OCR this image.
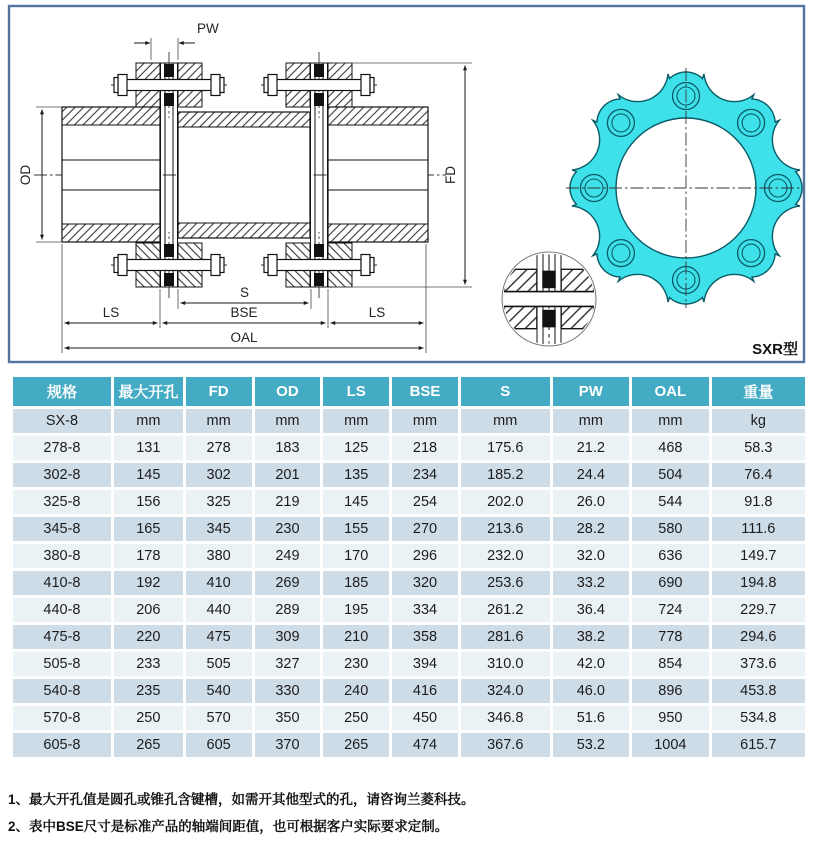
PW
OD	FD
S
LS	BSE	LS
OAL
SXR型
规格	最大开孔	FD	OD	LS	BSE	S	PW	OAL	重量
SX-8	mm	mm	mm	mm	mm	mm	mm	mm	kg
278-8	131	278	183	125	218	175.6	21.2	468	58.3
302-8	145	302	201	135	234	185.2	24.4	504	76.4
325-8	156	325	219	145	254	202.0	26.0	544	91.8
345-8	165	345	230	155	270	213.6	28.2	580	111.6
380-8	178	380	249	170	296	232.0	32.0	636	149.7
410-8	192	410	269	185	320	253.6	33.2	690	194.8
440-8	206	440	289	195	334	261.2	36.4	724	229.7
475-8	220	475	309	210	358	281.6	38.2	778	294.6
505-8	233	505	327	230	394	310.0	42.0	854	373.6
540-8	235	540	330	240	416	324.0	46.0	896	453.8
570-8	250	570	350	250	450	346.8	51.6	950	534.8
605-8	265	605	370	265	474	367.6	53.2	1004	615.7

1、最大开孔值是圆孔或锥孔含键槽，如需开其他型式的孔，请咨询兰菱科技。

2、表中BSE尺寸是标准产品的轴端间距值，也可根据客户实际要求定制。
